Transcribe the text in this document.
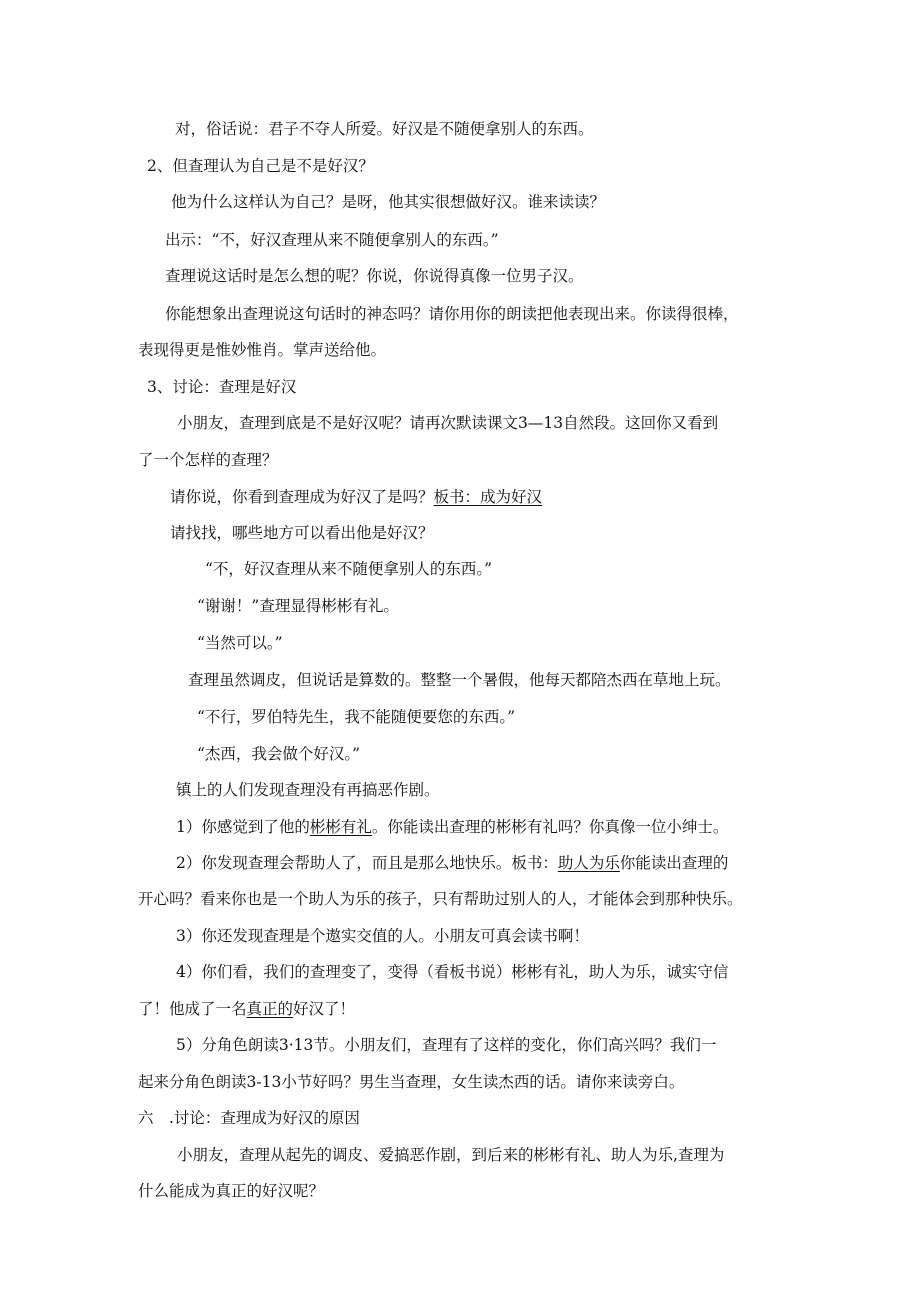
对，俗话说：君子不夺人所爱。好汉是不随便拿别人的东西。
2、但查理认为自己是不是好汉？
他为什么这样认为自己？是呀，他其实很想做好汉。谁来读读？
出示：“不，好汉查理从来不随便拿别人的东西。”
查理说这话时是怎么想的呢？你说，你说得真像一位男子汉。
你能想象出查理说这句话时的神态吗？请你用你的朗读把他表现出来。你读得很棒，
表现得更是惟妙惟肖。掌声送给他。
3、讨论：查理是好汉
小朋友，查理到底是不是好汉呢？请再次默读课文3—13自然段。这回你又看到
了一个怎样的查理？
请你说，你看到查理成为好汉了是吗？板书：成为好汉
请找找，哪些地方可以看出他是好汉？
“不，好汉查理从来不随便拿别人的东西。”
“谢谢！”查理显得彬彬有礼。
“当然可以。”
查理虽然调皮，但说话是算数的。整整一个暑假，他每天都陪杰西在草地上玩。
“不行，罗伯特先生，我不能随便要您的东西。”
“杰西，我会做个好汉。”
镇上的人们发现查理没有再搞恶作剧。
1）你感觉到了他的彬彬有礼。你能读出查理的彬彬有礼吗？你真像一位小绅士。
2）你发现查理会帮助人了，而且是那么地快乐。板书：助人为乐你能读出查理的
开心吗？看来你也是一个助人为乐的孩子，只有帮助过别人的人，才能体会到那种快乐。
3）你还发现查理是个遨实交值的人。小朋友可真会读书啊！
4）你们看，我们的查理变了，变得（看板书说）彬彬有礼，助人为乐，诚实守信
了！他成了一名真正的好汉了！
5）分角色朗读3·13节。小朋友们，查理有了这样的变化，你们高兴吗？我们一
起来分角色朗读3-13小节好吗？男生当查理，女生读杰西的话。请你来读旁白。
六　.讨论：查理成为好汉的原因
小朋友，查理从起先的调皮、爱搞恶作剧，到后来的彬彬有礼、助人为乐,查理为
什么能成为真正的好汉呢？
